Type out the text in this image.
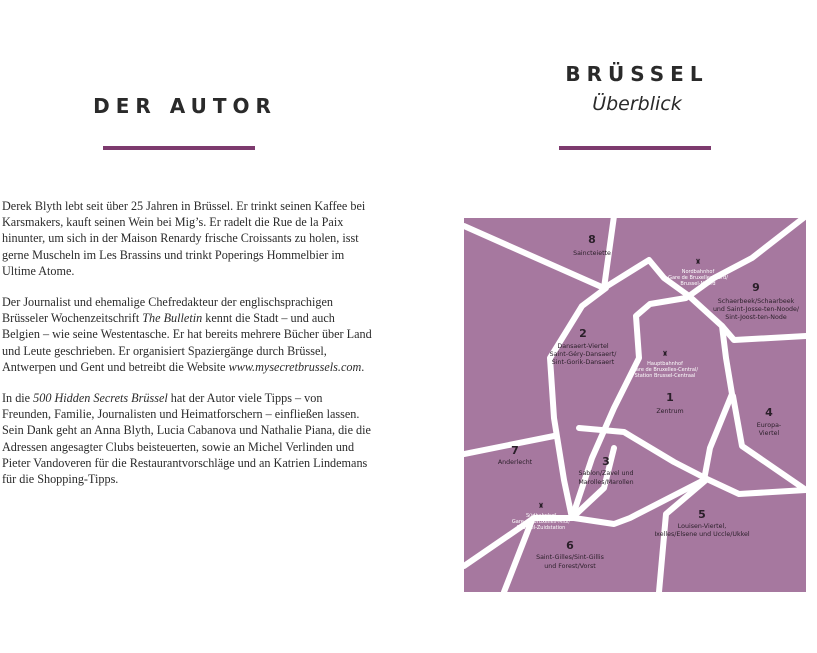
DER AUTOR
BRÜSSEL
Überblick

Derek Blyth lebt seit über 25 Jahren in Brüssel. Er trinkt seinen Kaffee bei Karsmakers, kauft seinen Wein bei Mig’s. Er radelt die Rue de la Paix hinunter, um sich in der Maison Renardy frische Croissants zu holen, isst gerne Muscheln im Les Brassins und trinkt Poperings Hommelbier im Ultime Atome.

Der Journalist und ehemalige Chefredakteur der englischsprachigen Brüsseler Wochenzeitschrift The Bulletin kennt die Stadt – und auch Belgien – wie seine Westentasche. Er hat bereits mehrere Bücher über Land und Leute geschrieben. Er organisiert Spaziergänge durch Brüssel, Antwerpen und Gent und betreibt die Website www.mysecretbrussels.com.

In die 500 Hidden Secrets Brüssel hat der Autor viele Tipps – von Freunden, Familie, Journalisten und Heimatforschern – einfließen lassen. Sein Dank geht an Anna Blyth, Lucia Cabanova und Nathalie Piana, die die Adressen angesagter Clubs beisteuerten, sowie an Michel Verlinden und Pieter Vandoveren für die Restaurantvorschläge und an Katrien Lindemans für die Shopping-Tipps.

8
Saincteiette
♜
Nordbahnhof
Gare de Bruxelles-Nord/
Brussel-Noord	9
Schaerbeek/Schaarbeek
und Saint-Josse-ten-Noode/
Sint-Joost-ten-Node
2
Dansaert-Viertel
Saint-Géry-Dansaert/
Sint-Gorik-Dansaert
♜
Hauptbahnhof
Gare de Bruxelles-Central/
Station Brussel-Centraal
1
Zentrum	4
Europa-
Viertel
7
Anderlecht	3
Sablon/Zavel und
Marolles/Marollen
5
Louisen-Viertel,
Ixelles/Elsene und Uccle/Ukkel
♜
Südbahnhof
Gare de Bruxelles-Midi/
Brussel-Zuidstation
6
Saint-Gilles/Sint-Gillis
und Forest/Vorst
